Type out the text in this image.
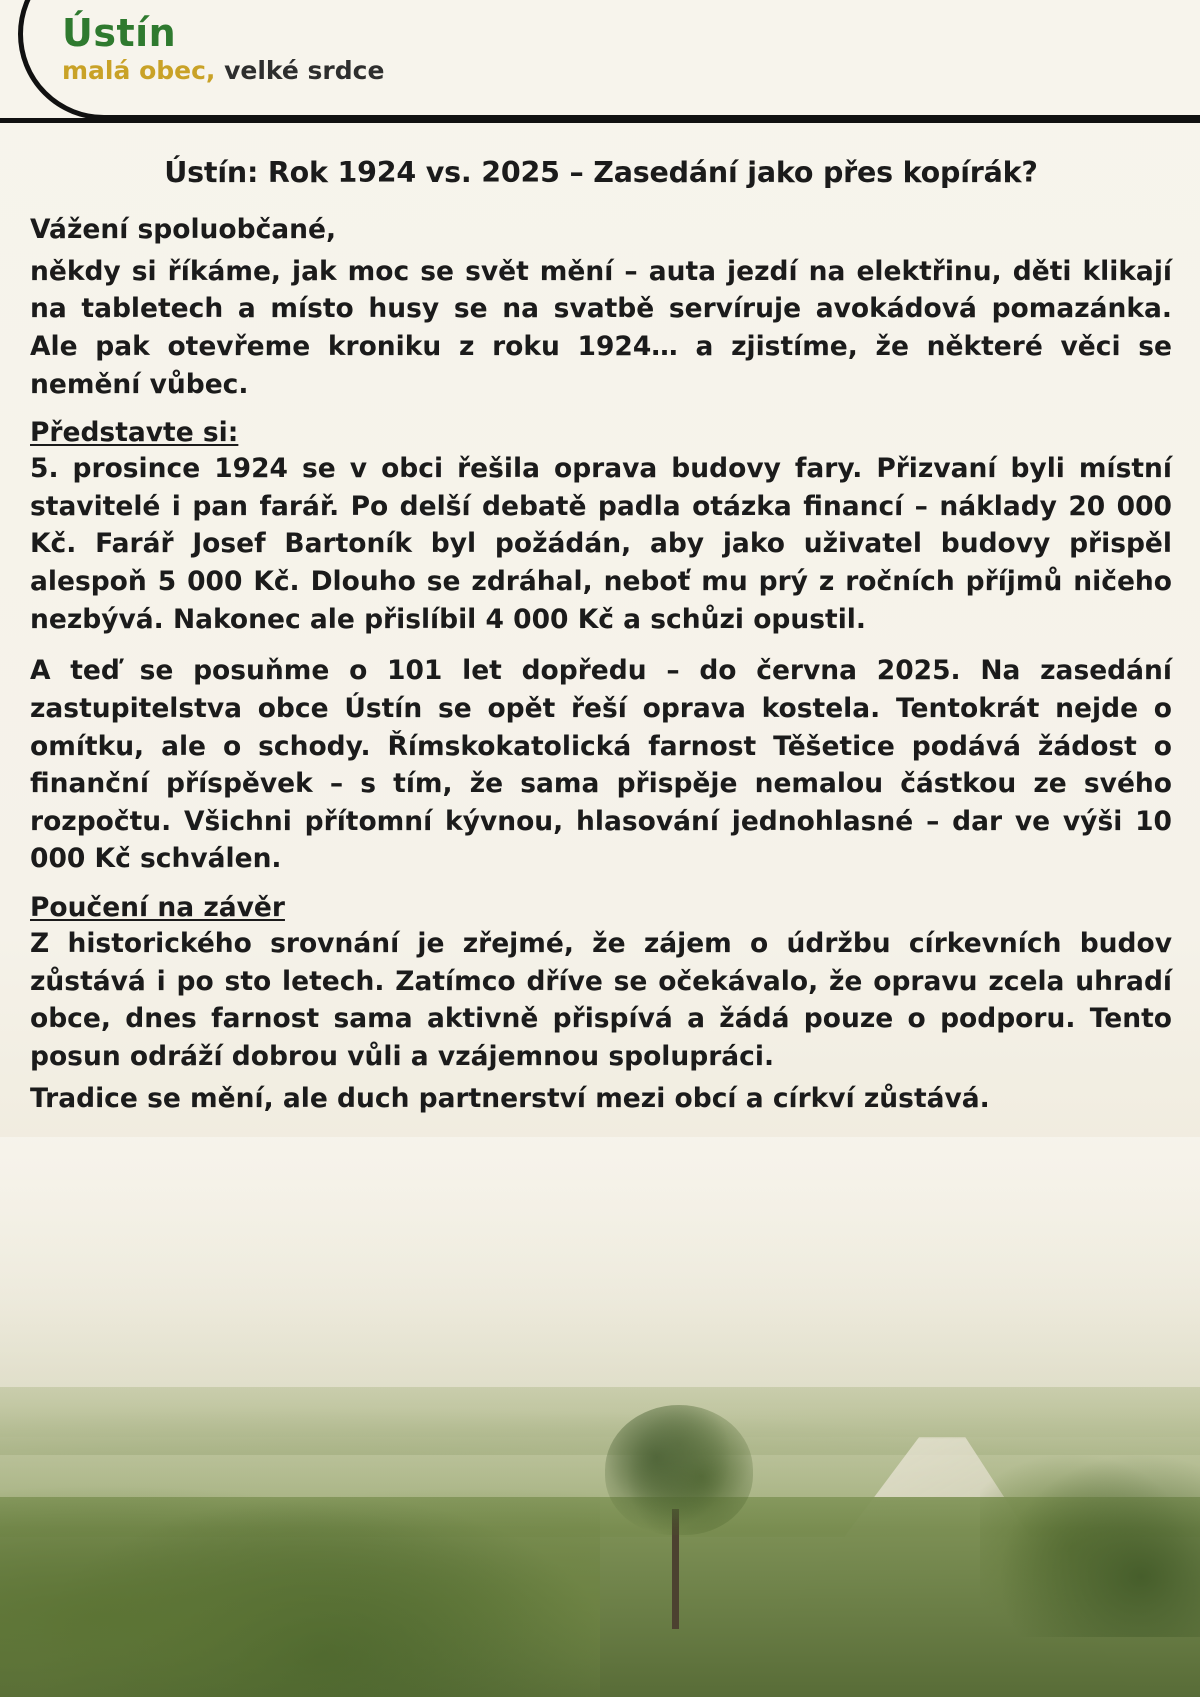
Ústín
malá obec, velké srdce
Ústín: Rok 1924 vs. 2025 – Zasedání jako přes kopírák?

Vážení spoluobčané,

někdy si říkáme, jak moc se svět mění – auta jezdí na elektřinu, děti klikají na tabletech a místo husy se na svatbě servíruje avokádová pomazánka. Ale pak otevřeme kroniku z roku 1924… a zjistíme, že některé věci se nemění vůbec.

Představte si:

5. prosince 1924 se v obci řešila oprava budovy fary. Přizvaní byli místní stavitelé i pan farář. Po delší debatě padla otázka financí – náklady 20 000 Kč. Farář Josef Bartoník byl požádán, aby jako uživatel budovy přispěl alespoň 5 000 Kč. Dlouho se zdráhal, neboť mu prý z ročních příjmů ničeho nezbývá. Nakonec ale přislíbil 4 000 Kč a schůzi opustil.

A teď se posuňme o 101 let dopředu – do června 2025. Na zasedání zastupitelstva obce Ústín se opět řeší oprava kostela. Tentokrát nejde o omítku, ale o schody. Římskokatolická farnost Těšetice podává žádost o finanční příspěvek – s tím, že sama přispěje nemalou částkou ze svého rozpočtu. Všichni přítomní kývnou, hlasování jednohlasné – dar ve výši 10 000 Kč schválen.

Poučení na závěr

Z historického srovnání je zřejmé, že zájem o údržbu církevních budov zůstává i po sto letech. Zatímco dříve se očekávalo, že opravu zcela uhradí obce, dnes farnost sama aktivně přispívá a žádá pouze o podporu. Tento posun odráží dobrou vůli a vzájemnou spolupráci.

Tradice se mění, ale duch partnerství mezi obcí a církví zůstává.
